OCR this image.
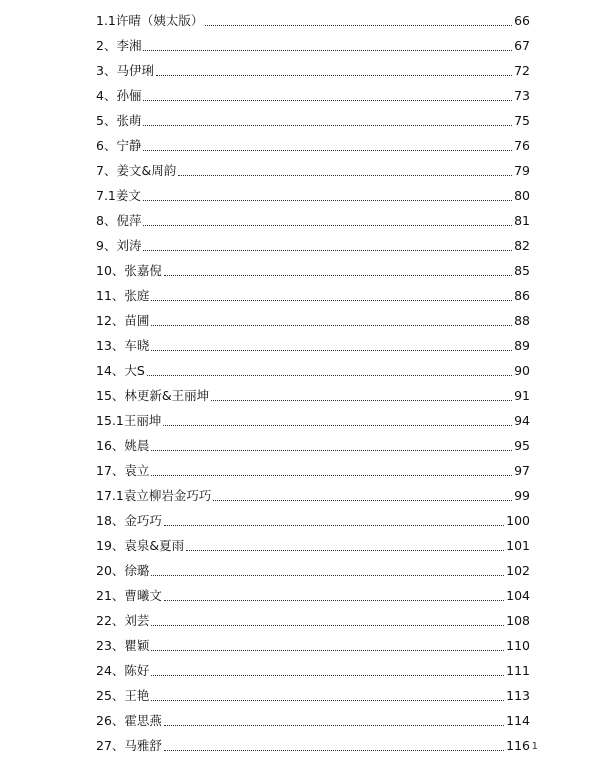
1.1许晴（姨太版）	66
2、李湘	67
3、马伊琍	72
4、孙俪	73
5、张萌	75
6、宁静	76
7、姜文&周韵	79
7.1姜文	80
8、倪萍	81
9、刘涛	82
10、张嘉倪	85
11、张庭	86
12、苗圃	88
13、车晓	89
14、大S	90
15、林更新&王丽坤	91
15.1王丽坤	94
16、姚晨	95
17、袁立	97
17.1袁立柳岩金巧巧	99
18、金巧巧	100
19、袁泉&夏雨	101
20、徐璐	102
21、曹曦文	104
22、刘芸	108
23、瞿颖	110
24、陈好	111
25、王艳	113
26、霍思燕	114
27、马雅舒	116 1
